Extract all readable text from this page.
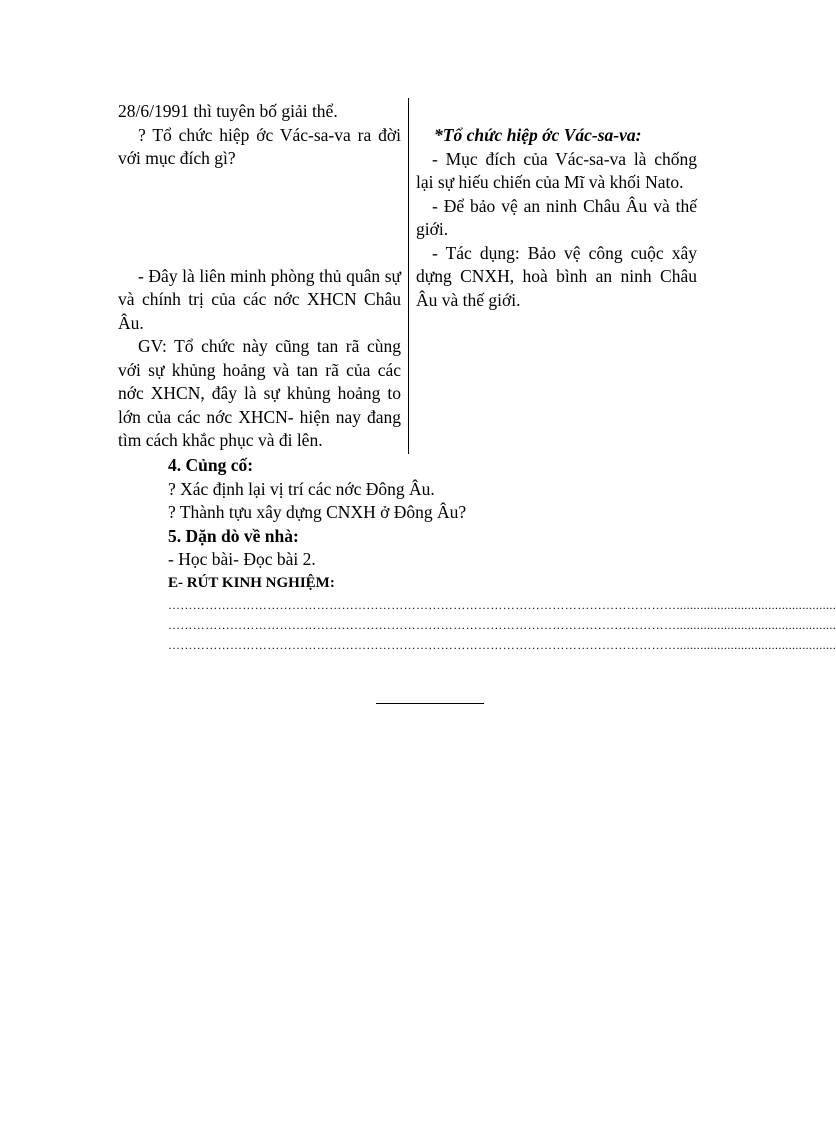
28/6/1991 thì tuyên bố giải thể.

? Tổ chức hiệp ớc Vác-sa-va ra đời với mục đích gì?

- Đây là liên minh phòng thủ quân sự và chính trị của các nớc XHCN Châu Âu.

GV: Tổ chức này cũng tan rã cùng với sự khủng hoảng và tan rã của các nớc XHCN, đây là sự khủng hoảng to lớn của các nớc XHCN- hiện nay đang tìm cách khắc phục và đi lên.

*Tổ chức hiệp ớc Vác-sa-va:

- Mục đích của Vác-sa-va là chống lại sự hiếu chiến của Mĩ và khối Nato.

- Để bảo vệ an ninh Châu Âu và thế giới.

- Tác dụng: Bảo vệ công cuộc xây dựng CNXH, hoà bình an ninh Châu Âu và thế giới.

4. Củng cố:
? Xác định lại vị trí các nớc Đông Âu.
? Thành tựu xây dựng CNXH ở Đông Âu?
5. Dặn dò về nhà:
- Học bài- Đọc bài 2.
E- RÚT KINH NGHIỆM:
……………………………………………………………………………………………………………...............................................
……………………………………………………………………………………………………………...............................................
……………………………………………………………………………………………………………...............................................
